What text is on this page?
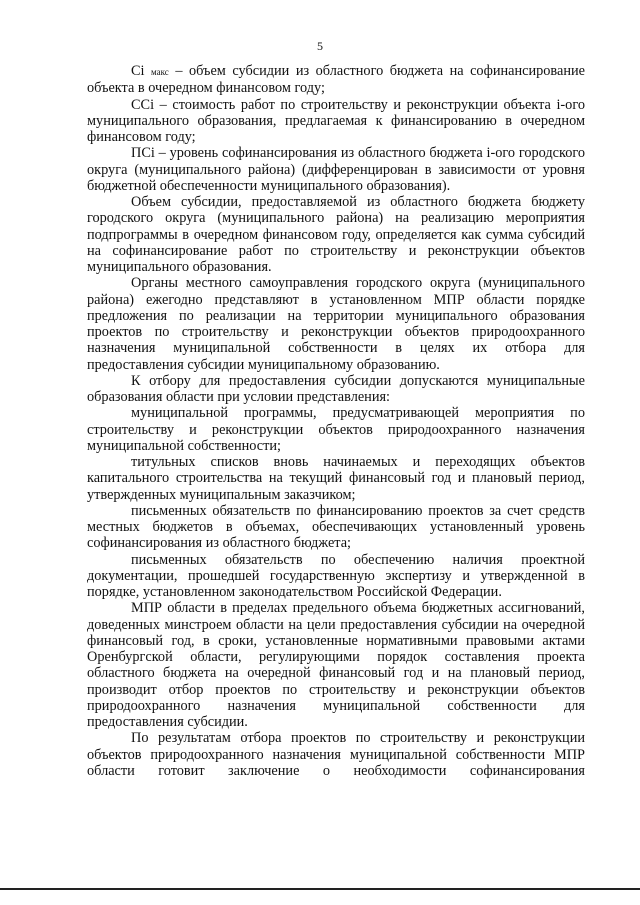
5

Ci макс – объем субсидии из областного бюджета на софинансирование объекта в очередном финансовом году;

ССi – стоимость работ по строительству и реконструкции объекта i-ого муниципального образования, предлагаемая к финансированию в очередном финансовом году;

ПСi – уровень софинансирования из областного бюджета i-ого городского округа (муниципального района) (дифференцирован в зависимости от уровня бюджетной обеспеченности муниципального образования).

Объем субсидии, предоставляемой из областного бюджета бюджету городского округа (муниципального района) на реализацию мероприятия подпрограммы в очередном финансовом году, определяется как сумма субсидий на софинансирование работ по строительству и реконструкции объектов муниципального образования.

Органы местного самоуправления городского округа (муниципального района) ежегодно представляют в установленном МПР области порядке предложения по реализации на территории муниципального образования проектов по строительству и реконструкции объектов природоохранного назначения муниципальной собственности в целях их отбора для предоставления субсидии муниципальному образованию.

К отбору для предоставления субсидии допускаются муниципальные образования области при условии представления:

муниципальной программы, предусматривающей мероприятия по строительству и реконструкции объектов природоохранного назначения муниципальной собственности;

титульных списков вновь начинаемых и переходящих объектов капитального строительства на текущий финансовый год и плановый период, утвержденных муниципальным заказчиком;

письменных обязательств по финансированию проектов за счет средств местных бюджетов в объемах, обеспечивающих установленный уровень софинансирования из областного бюджета;

письменных обязательств по обеспечению наличия проектной документации, прошедшей государственную экспертизу и утвержденной в порядке, установленном законодательством Российской Федерации.

МПР области в пределах предельного объема бюджетных ассигнований, доведенных минстроем области на цели предоставления субсидии на очередной финансовый год, в сроки, установленные нормативными правовыми актами Оренбургской области, регулирующими порядок составления проекта областного бюджета на очередной финансовый год и на плановый период, производит отбор проектов по строительству и реконструкции объектов природоохранного назначения муниципальной собственности для предоставления субсидии.

По результатам отбора проектов по строительству и реконструкции объектов природоохранного назначения муниципальной собственности МПР области готовит заключение о необходимости софинансирования
